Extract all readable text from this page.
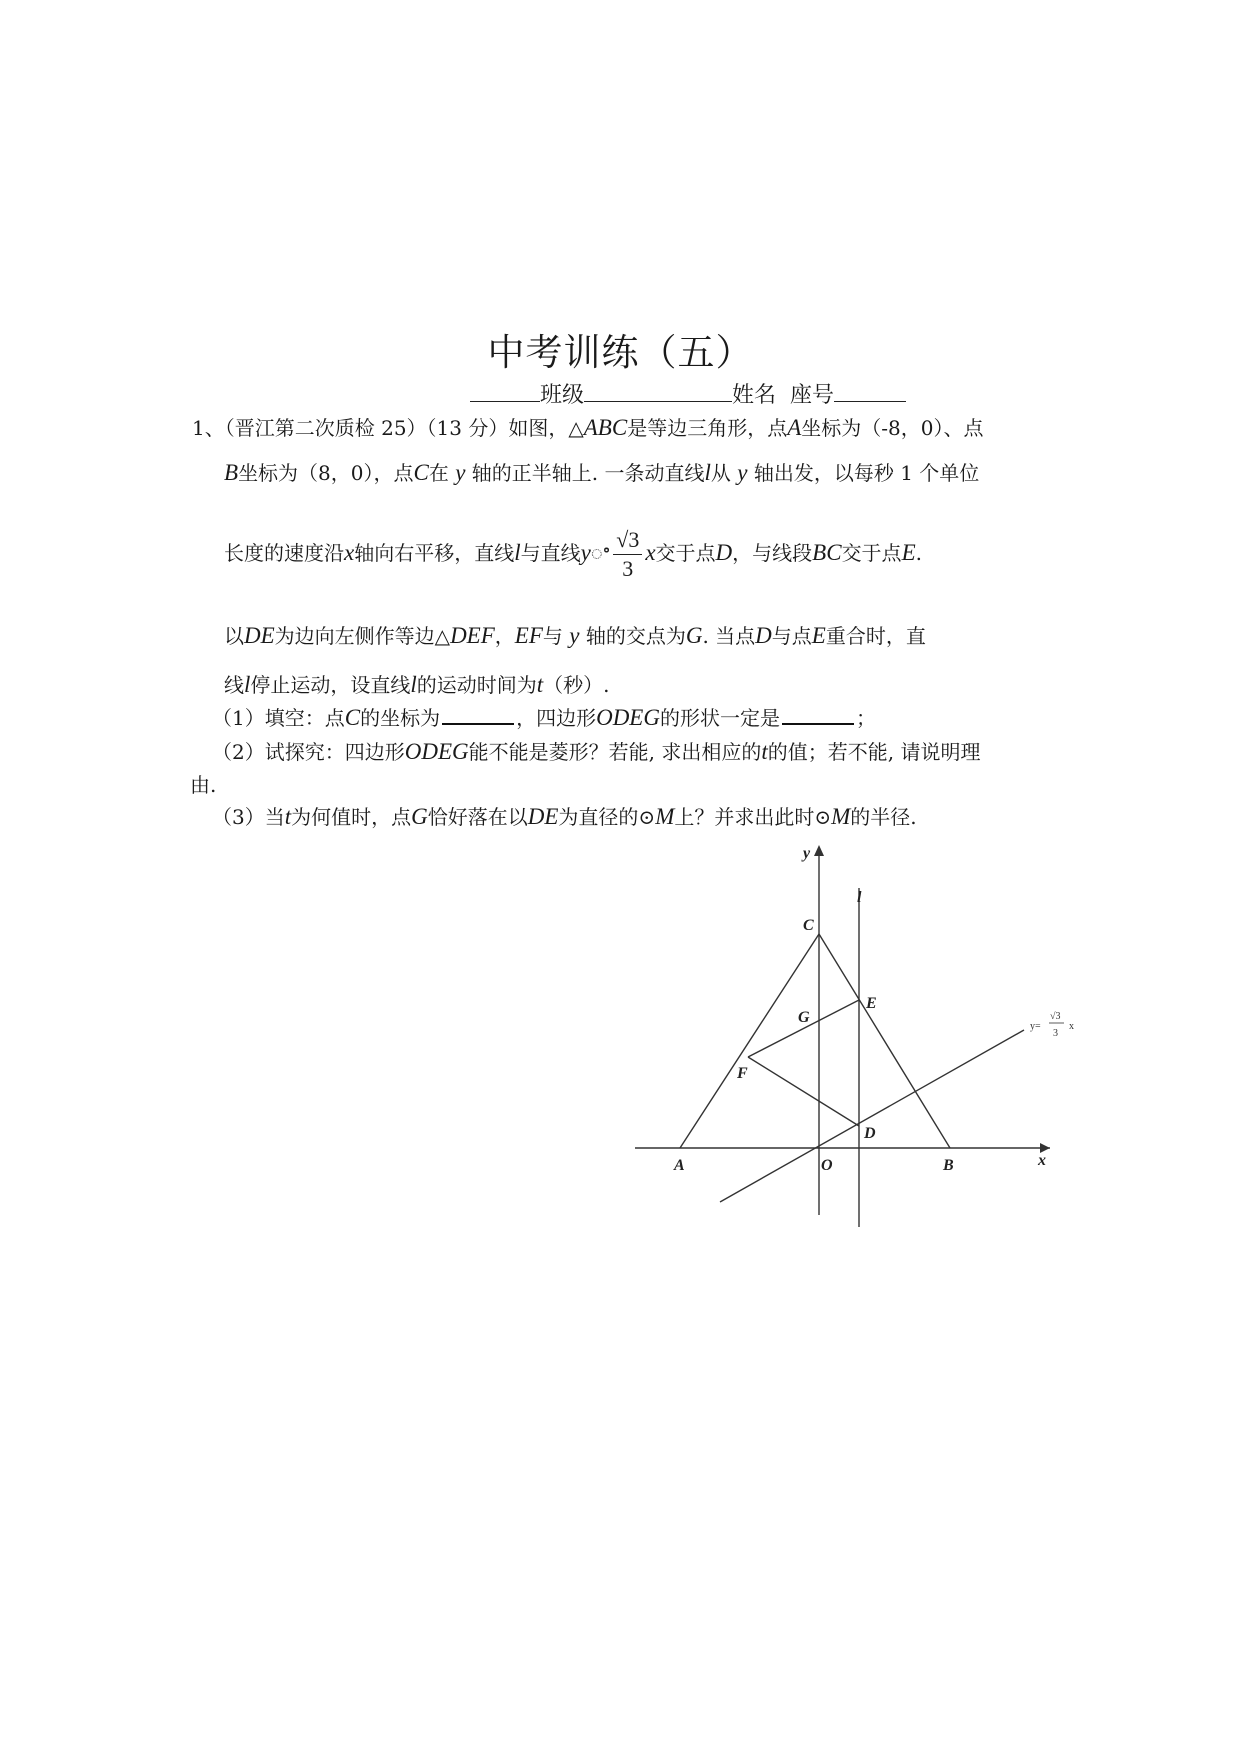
中考训练（五）
班级	姓名 座号
1、（晋江第二次质检 25）（13 分）如图，△ABC是等边三角形，点A坐标为（-8，0）、点
B坐标为（8，0），点C在 y 轴的正半轴上. 一条动直线l从 y 轴出发，以每秒 1 个单位
长度的速度沿x轴向右平移，直线l与直线yꢀ $\frac{√3}{3}$ x交于点D，与线段BC交于点E.
以DE为边向左侧作等边△DEF，EF与 y 轴的交点为G. 当点D与点E重合时，直
线l停止运动，设直线l的运动时间为t（秒）.
（1）填空：点C的坐标为	，四边形ODEG的形状一定是	；
（2）试探究：四边形ODEG能不能是菱形？若能, 求出相应的t的值；若不能, 请说明理
由.
（3）当t为何值时，点G恰好落在以DE为直径的⊙M上？并求出此时⊙M的半径.
y
l
C
G
E
F
D
A	O	B	x
y=
√3
3
x
